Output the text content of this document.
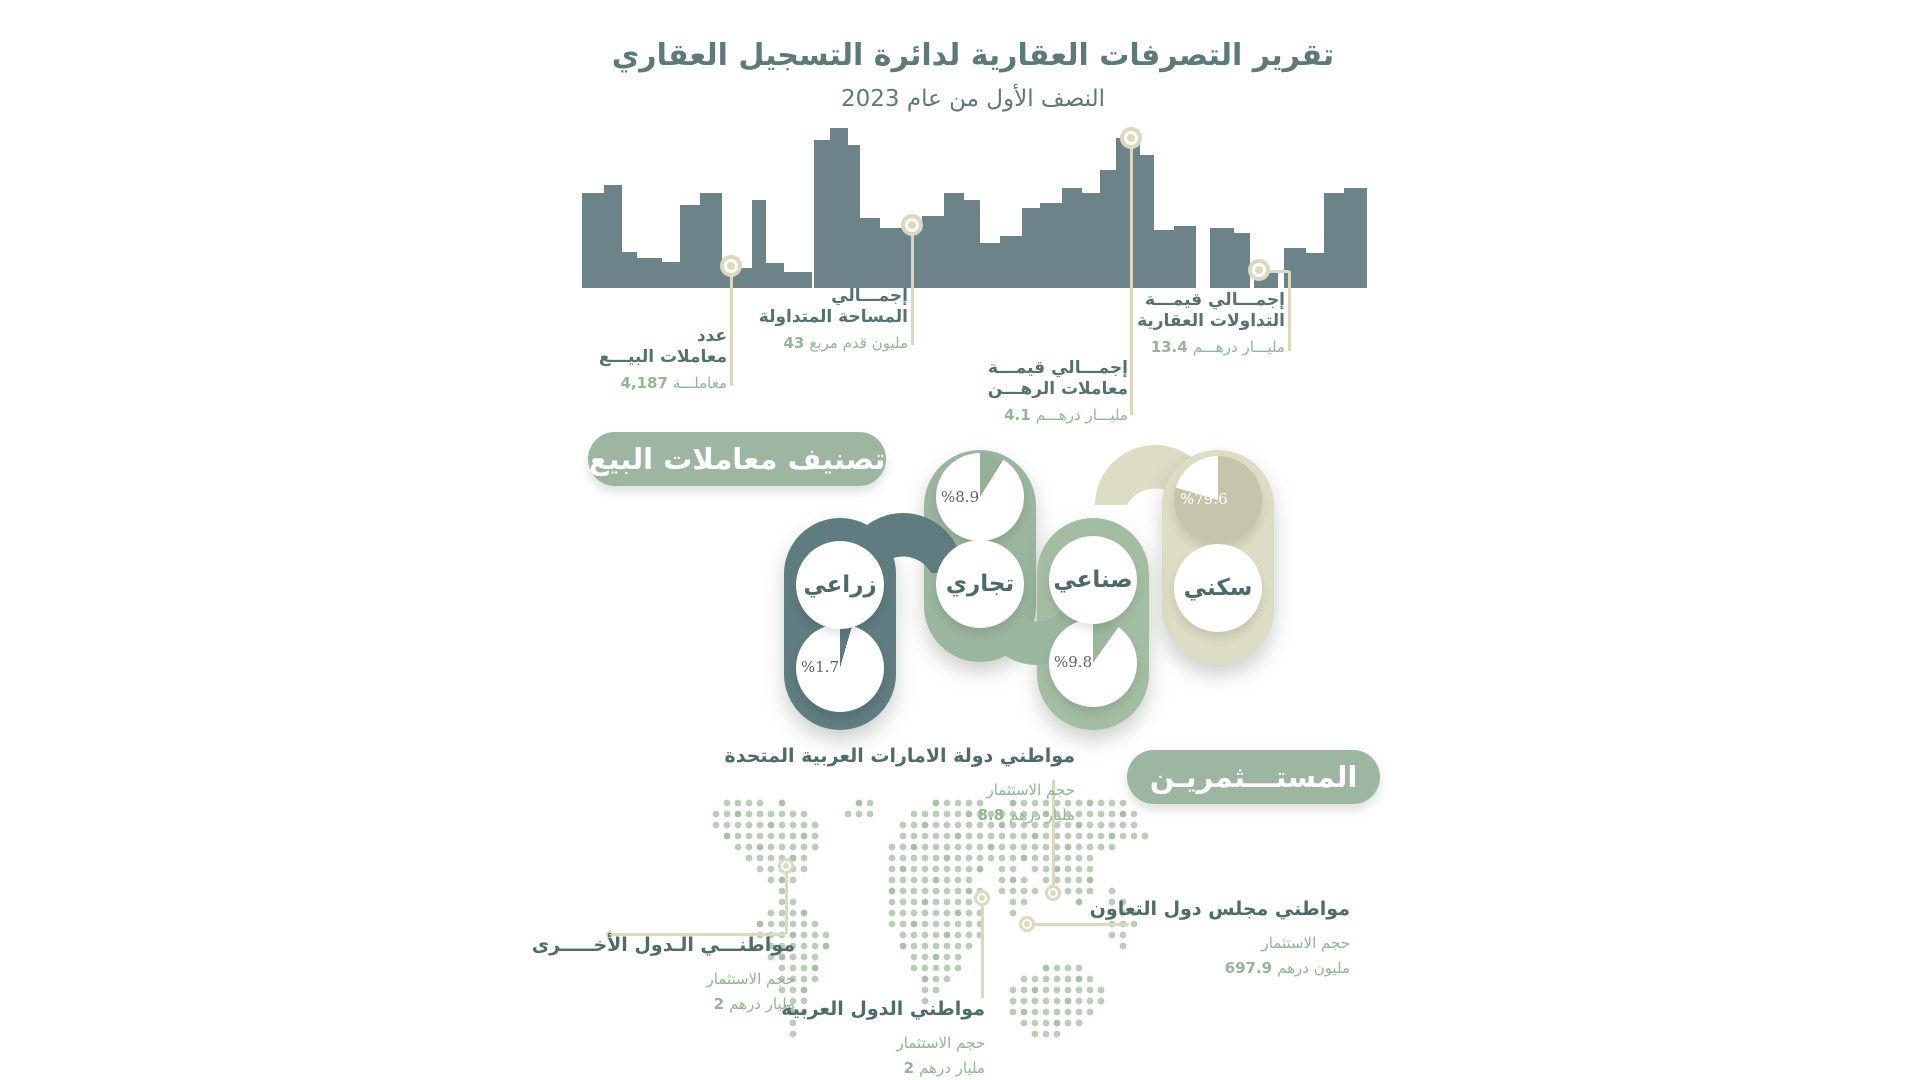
تقرير التصرفات العقارية لدائرة التسجيل العقاري
النصف الأول من عام 2023
عدد
معاملات البيـــع
4,187 معاملـــة
إجمـــالي
المساحة المتداولة
43 مليون قدم مربع
إجمـــالي قيمـــة
معاملات الرهـــن
4.1 مليـــار درهـــم
إجمـــالي قيمـــة
التداولات العقارية
13.4 مليـــار درهـــم
تصنيف معاملات البيع
زراعي
%1.7
تجاري
%8.9
صناعي
%9.8
سكني
%79.6
المستـــثمريـن
مواطني دولة الامارات العربية المتحدة
حجم الاستثمار
8.8 مليار درهم
مواطني مجلس دول التعاون
حجم الاستثمار
697.9 مليون درهم
مواطنـــي الـدول الأخـــــرى
حجم الاستثمار
2 مليار درهم
مواطني الدول العربية
حجم الاستثمار
2 مليار درهم
